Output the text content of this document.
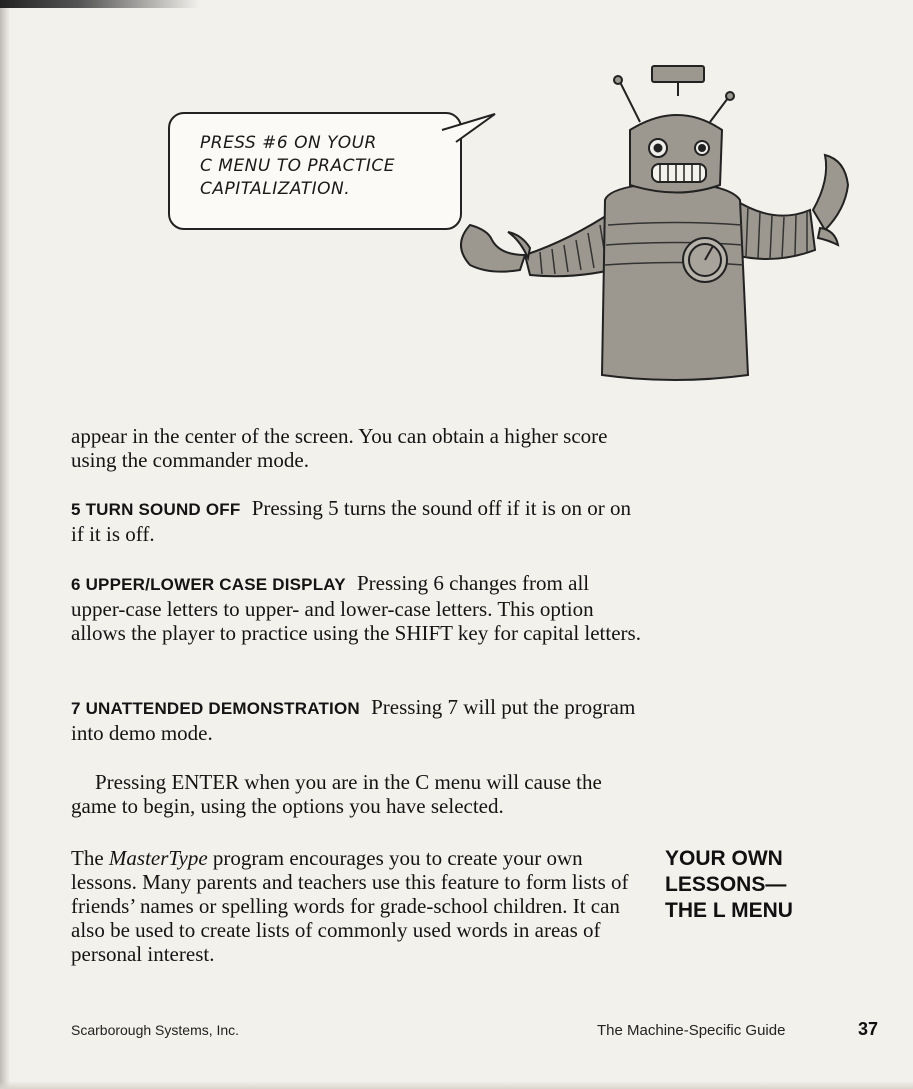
PRESS #6 ON YOUR
C MENU TO PRACTICE
CAPITALIZATION.
appear in the center of the screen. You can obtain a higher score using the commander mode.
5 TURN SOUND OFF Pressing 5 turns the sound off if it is on or on if it is off.
6 UPPER/LOWER CASE DISPLAY Pressing 6 changes from all upper-case letters to upper- and lower-case letters. This option allows the player to practice using the SHIFT key for capital letters.
7 UNATTENDED DEMONSTRATION Pressing 7 will put the program into demo mode.
Pressing ENTER when you are in the C menu will cause the game to begin, using the options you have selected.
The MasterType program encourages you to create your own lessons. Many parents and teachers use this feature to form lists of friends’ names or spelling words for grade-school children. It can also be used to create lists of commonly used words in areas of personal interest.
YOUR OWN
LESSONS—
THE L MENU
Scarborough Systems, Inc.	The Machine-Specific Guide	37
